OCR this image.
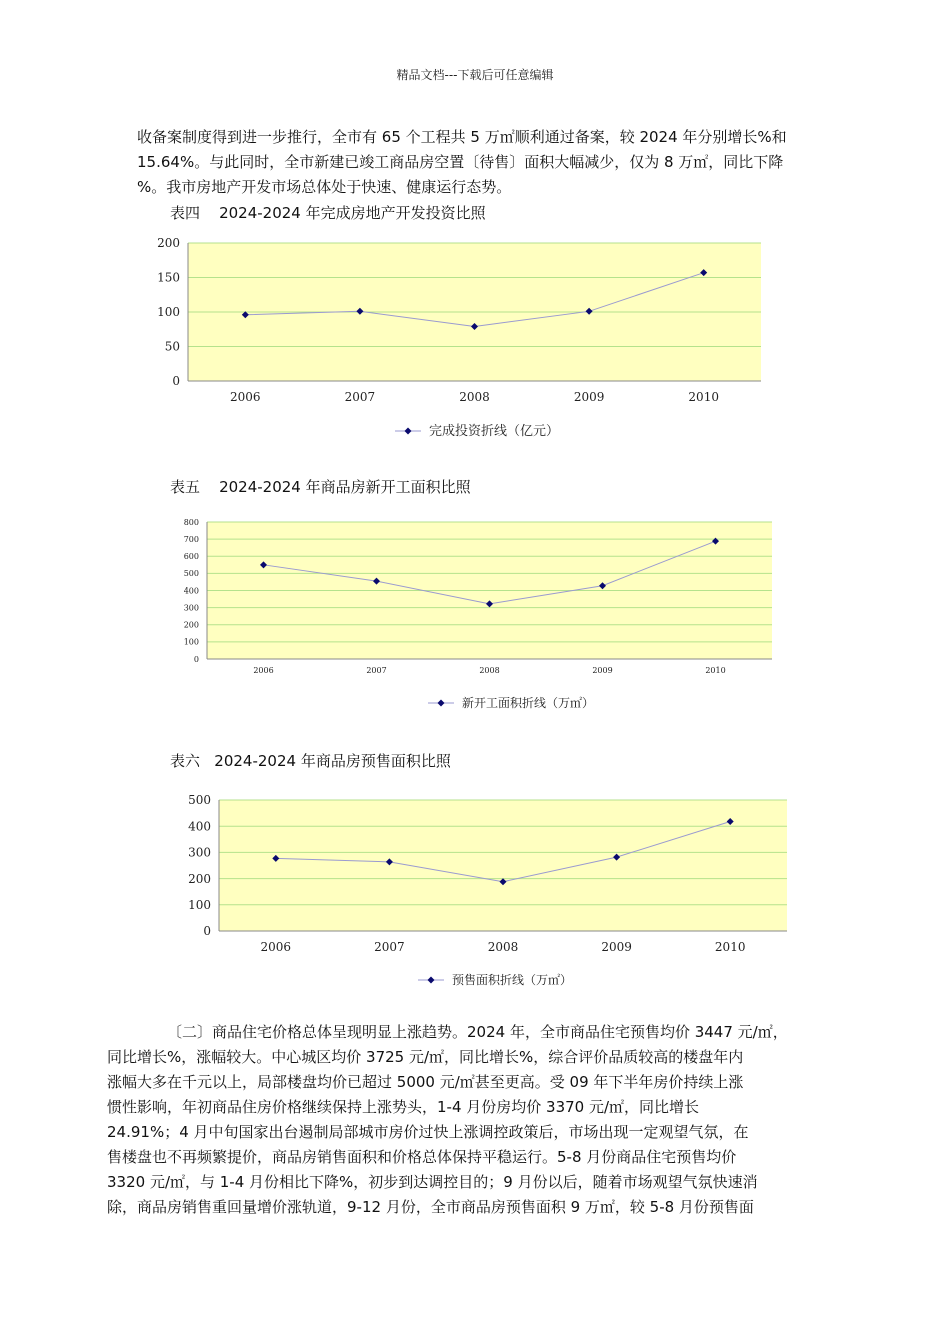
精品文档---下载后可任意编辑
收备案制度得到进一步推行，全市有 65 个工程共 5 万㎡顺利通过备案，较 2024 年分别增长%和
15.64%。与此同时，全市新建已竣工商品房空置〔待售〕面积大幅减少，仅为 8 万㎡，同比下降
%。我市房地产开发市场总体处于快速、健康运行态势。
表四    2024-2024 年完成房地产开发投资比照
0
50
100
150
200
2006	2007	2008	2009	2010
完成投资折线（亿元）
表五    2024-2024 年商品房新开工面积比照
0
100
200
300
400
500
600
700
800
2006	2007	2008	2009	2010
新开工面积折线（万㎡）
表六   2024-2024 年商品房预售面积比照
0
100
200
300
400
500
2006	2007	2008	2009	2010
预售面积折线（万㎡）
〔二〕商品住宅价格总体呈现明显上涨趋势。2024 年，全市商品住宅预售均价 3447 元/㎡，
同比增长%，涨幅较大。中心城区均价 3725 元/㎡，同比增长%，综合评价品质较高的楼盘年内
涨幅大多在千元以上，局部楼盘均价已超过 5000 元/㎡甚至更高。受 09 年下半年房价持续上涨
惯性影响，年初商品住房价格继续保持上涨势头，1-4 月份房均价 3370 元/㎡，同比增长
24.91%；4 月中旬国家出台遏制局部城市房价过快上涨调控政策后，市场出现一定观望气氛，在
售楼盘也不再频繁提价，商品房销售面积和价格总体保持平稳运行。5-8 月份商品住宅预售均价
3320 元/㎡，与 1-4 月份相比下降%，初步到达调控目的；9 月份以后，随着市场观望气氛快速消
除，商品房销售重回量增价涨轨道，9-12 月份，全市商品房预售面积 9 万㎡，较 5-8 月份预售面
